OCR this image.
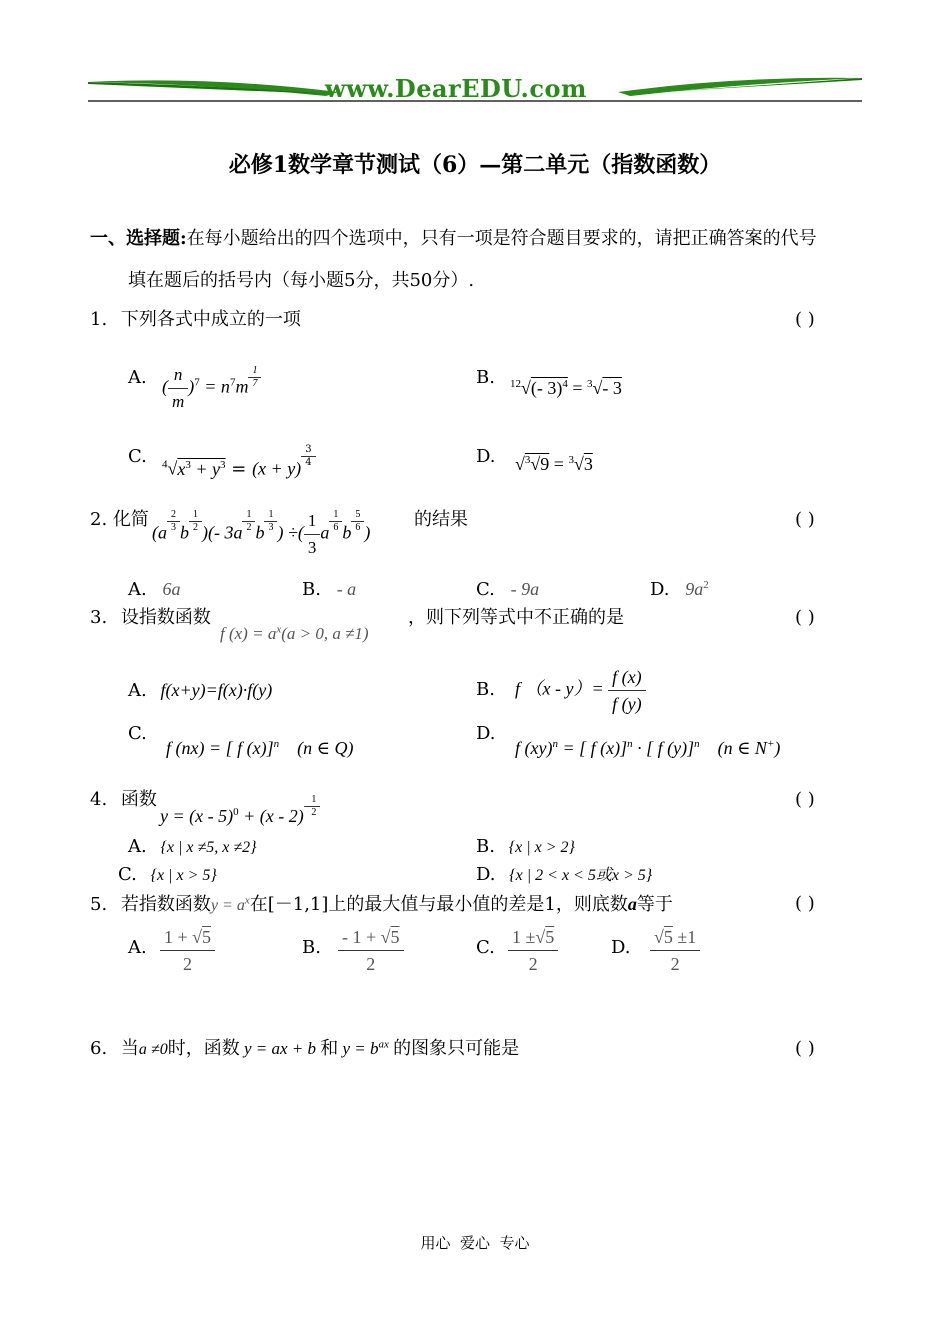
www.DearEDU.com
必修1数学章节测试（6）—第二单元（指数函数）
一、选择题:在每小题给出的四个选项中，只有一项是符合题目要求的，请把正确答案的代号
填在题后的括号内（每小题5分，共50分）.
1. 下列各式中成立的一项	( )
A. ( $\frac{n}{m} )^7 = n^7m$ $^{\frac{1}{7}}$	B. $^{12}$√(- 3)$^4$ = $^3$√- 3
C. $^4√x^3 + y^3 = (x + y)$ $^{\frac{3}{4}}$	D. √$^3$√9 = $^3$√3
2. 化简
(a $^{\frac{2}{3}}$ b $^{\frac{1}{2}}$ )(- 3a $^{\frac{1}{2}}$ b $^{\frac{1}{3}}$ ) ÷( $\frac{1}{3}$ a $^{\frac{1}{6}}$ b $^{\frac{5}{6}}$ )
的结果	( )
A. 6a	B. - a	C. - 9a	D. $9a^2$
3. 设指数函数
f $(x) = a^x(a > 0$, a ≠1)
，则下列等式中不正确的是	( )
A. f(x+y)=f(x)·f(y)	B. f $(x - y)= \frac{f (x)}{f (y)}$
C.
f (nx) = [ f (x)]$^n$    (n ∈ Q)
D.
f (xy)$^n$ = [ f (x)]$^n$ · [ f (y)]$^n$    (n ∈ N+)
4. 函数
y = (x - 5)$^0$ + (x - 2)$^{- \frac{1}{2}}$	( )
A. {x | x ≠5, x ≠2}	B. {x | x > 2}
C. {x | x > 5}	D. {x | 2 < x < 5或x > 5}
5. 若指数函数$y = a^x$在[－1,1]上的最大值与最小值的差是1，则底数a等于	( )
A. $\frac{1 + √5}{2}$	B. $\frac{- 1 + √5}{2}$	C. $\frac{1 \pm√5}{2}$	D. $\frac{√5 \pm 1}{2}$
6. 当a ≠0时，函数 y = ax + b 和 $y = b^{ax}$ 的图象只可能是	( )
用心  爱心  专心
